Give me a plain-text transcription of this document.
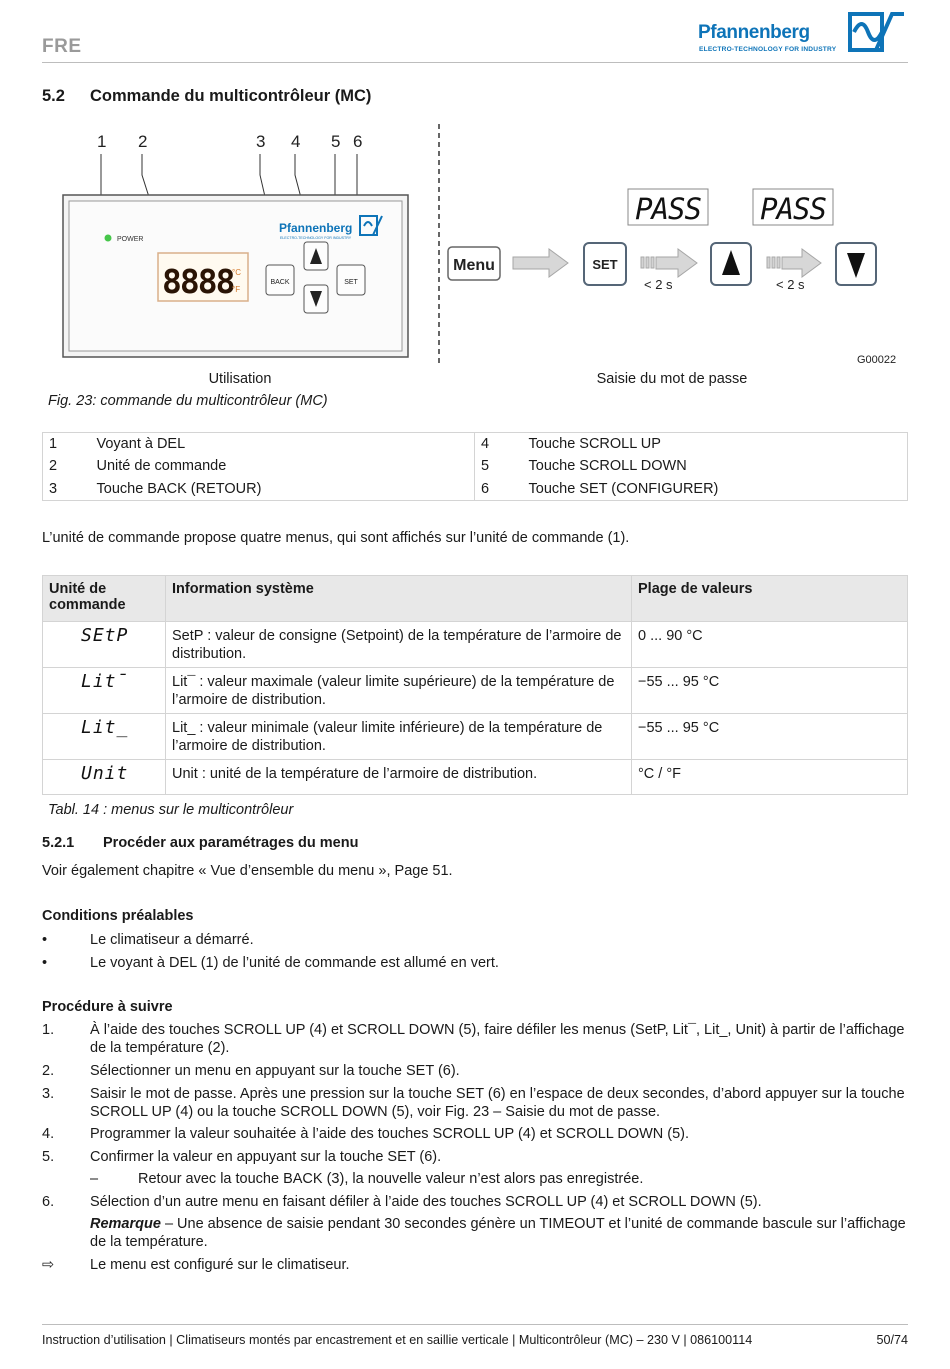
FRE
Pfannenberg
ELECTRO-TECHNOLOGY FOR INDUSTRY
5.2 Commande du multicontrôleur (MC)
1 2	3 4 5 6
POWER
8888
°C
°F
Pfannenberg
ELECTRO-TECHNOLOGY FOR INDUSTRY
BACK	SET
Menu	SET
PASS
< 2 s
PASS
< 2 s
G00022
Utilisation	Saisie du mot de passe
Fig. 23: commande du multicontrôleur (MC)
1	Voyant à DEL	4	Touche SCROLL UP
2	Unité de commande	5	Touche SCROLL DOWN
3	Touche BACK (RETOUR)	6	Touche SET (CONFIGURER)

L’unité de commande propose quatre menus, qui sont affichés sur l’unité de commande (1).

Unité de commande	Information système	Plage de valeurs
SEtP	SetP : valeur de consigne (Setpoint) de la température de l’armoire de distribution.	0 ... 90 °C
Lit¯	Lit¯ : valeur maximale (valeur limite supérieure) de la température de l’armoire de distribution.	−55 ... 95 °C
Lit_	Lit_ : valeur minimale (valeur limite inférieure) de la température de l’armoire de distribution.	−55 ... 95 °C
Unit	Unit : unité de la température de l’armoire de distribution.	°C / °F
Tabl. 14 : menus sur le multicontrôleur
5.2.1 Procéder aux paramétrages du menu

Voir également chapitre « Vue d’ensemble du menu », Page 51.

Conditions préalables
•	Le climatiseur a démarré.
•	Le voyant à DEL (1) de l’unité de commande est allumé en vert.
Procédure à suivre
1. À l’aide des touches SCROLL UP (4) et SCROLL DOWN (5), faire défiler les menus (SetP, Lit¯, Lit_, Unit) à partir de l’affichage de la température (2).
2. Sélectionner un menu en appuyant sur la touche SET (6).
3. Saisir le mot de passe. Après une pression sur la touche SET (6) en l’espace de deux secondes, d’abord appuyer sur la touche SCROLL UP (4) ou la touche SCROLL DOWN (5), voir Fig. 23 – Saisie du mot de passe.
4. Programmer la valeur souhaitée à l’aide des touches SCROLL UP (4) et SCROLL DOWN (5).
5. Confirmer la valeur en appuyant sur la touche SET (6).
–	Retour avec la touche BACK (3), la nouvelle valeur n’est alors pas enregistrée.
6. Sélection d’un autre menu en faisant défiler à l’aide des touches SCROLL UP (4) et SCROLL DOWN (5).
Remarque – Une absence de saisie pendant 30 secondes génère un TIMEOUT et l’unité de commande bascule sur l’affichage de la température.
⇨ Le menu est configuré sur le climatiseur.
Instruction d’utilisation | Climatiseurs montés par encastrement et en saillie verticale | Multicontrôleur (MC) – 230 V | 086100114	50/74
